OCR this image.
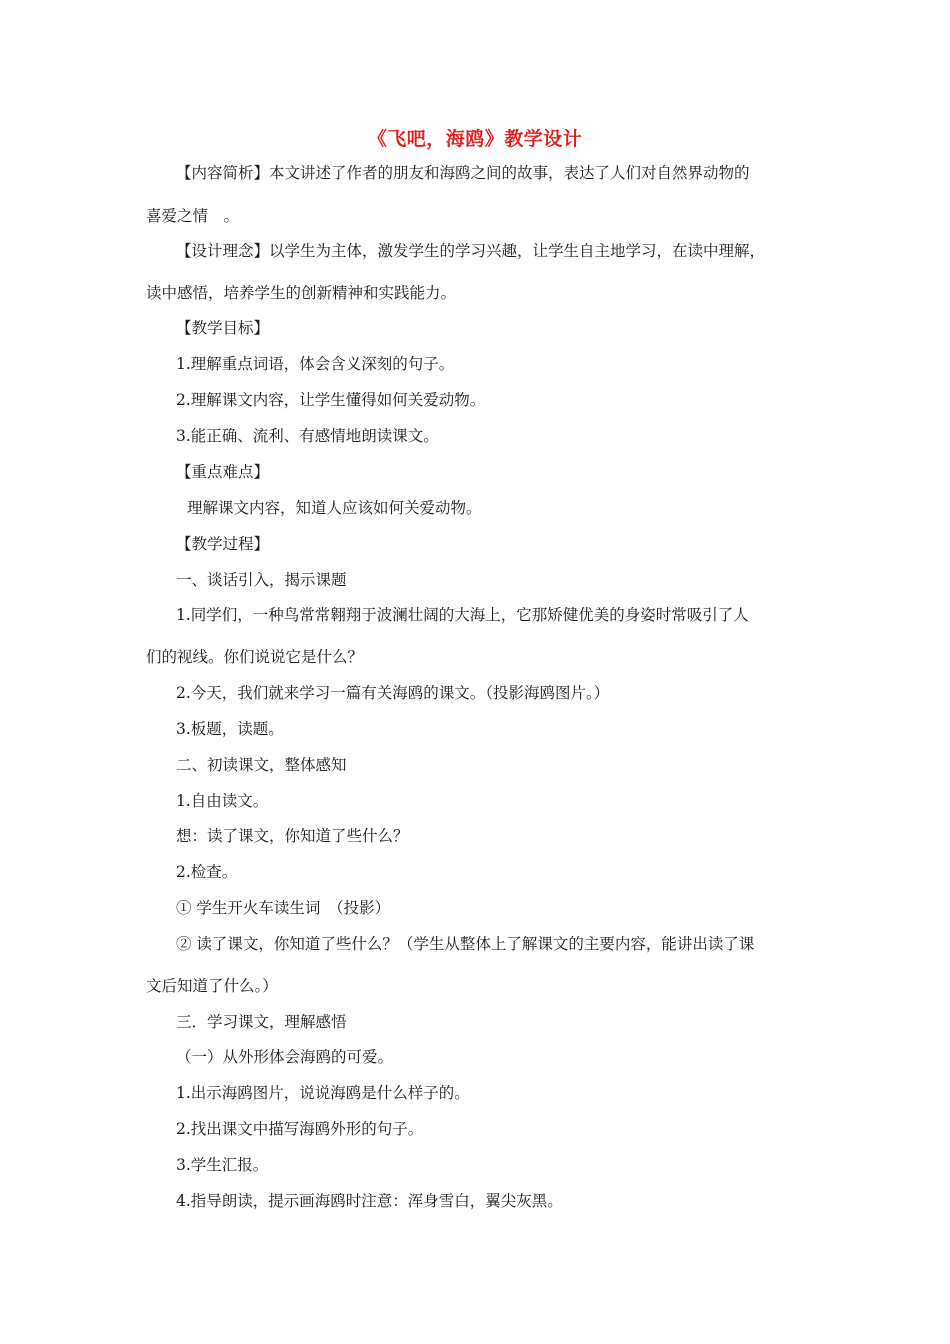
《飞吧，海鸥》教学设计
【内容简析】本文讲述了作者的朋友和海鸥之间的故事，表达了人们对自然界动物的
喜爱之情　。
【设计理念】以学生为主体，激发学生的学习兴趣，让学生自主地学习，在读中理解，
读中感悟，培养学生的创新精神和实践能力。
【教学目标】
1.理解重点词语，体会含义深刻的句子。
2.理解课文内容，让学生懂得如何关爱动物。
3.能正确、流利、有感情地朗读课文。
【重点难点】
理解课文内容，知道人应该如何关爱动物。
【教学过程】
一、谈话引入，揭示课题
1.同学们，一种鸟常常翱翔于波澜壮阔的大海上，它那矫健优美的身姿时常吸引了人
们的视线。你们说说它是什么？
2.今天，我们就来学习一篇有关海鸥的课文。（投影海鸥图片。）
3.板题，读题。
二、初读课文，整体感知
1.自由读文。
想：读了课文，你知道了些什么？
2.检查。
① 学生开火车读生词　（投影）
② 读了课文，你知道了些什么？（学生从整体上了解课文的主要内容，能讲出读了课
文后知道了什么。）
三．学习课文，理解感悟
（一）从外形体会海鸥的可爱。
1.出示海鸥图片，说说海鸥是什么样子的。
2.找出课文中描写海鸥外形的句子。
3.学生汇报。
4.指导朗读，提示画海鸥时注意：浑身雪白，翼尖灰黑。
